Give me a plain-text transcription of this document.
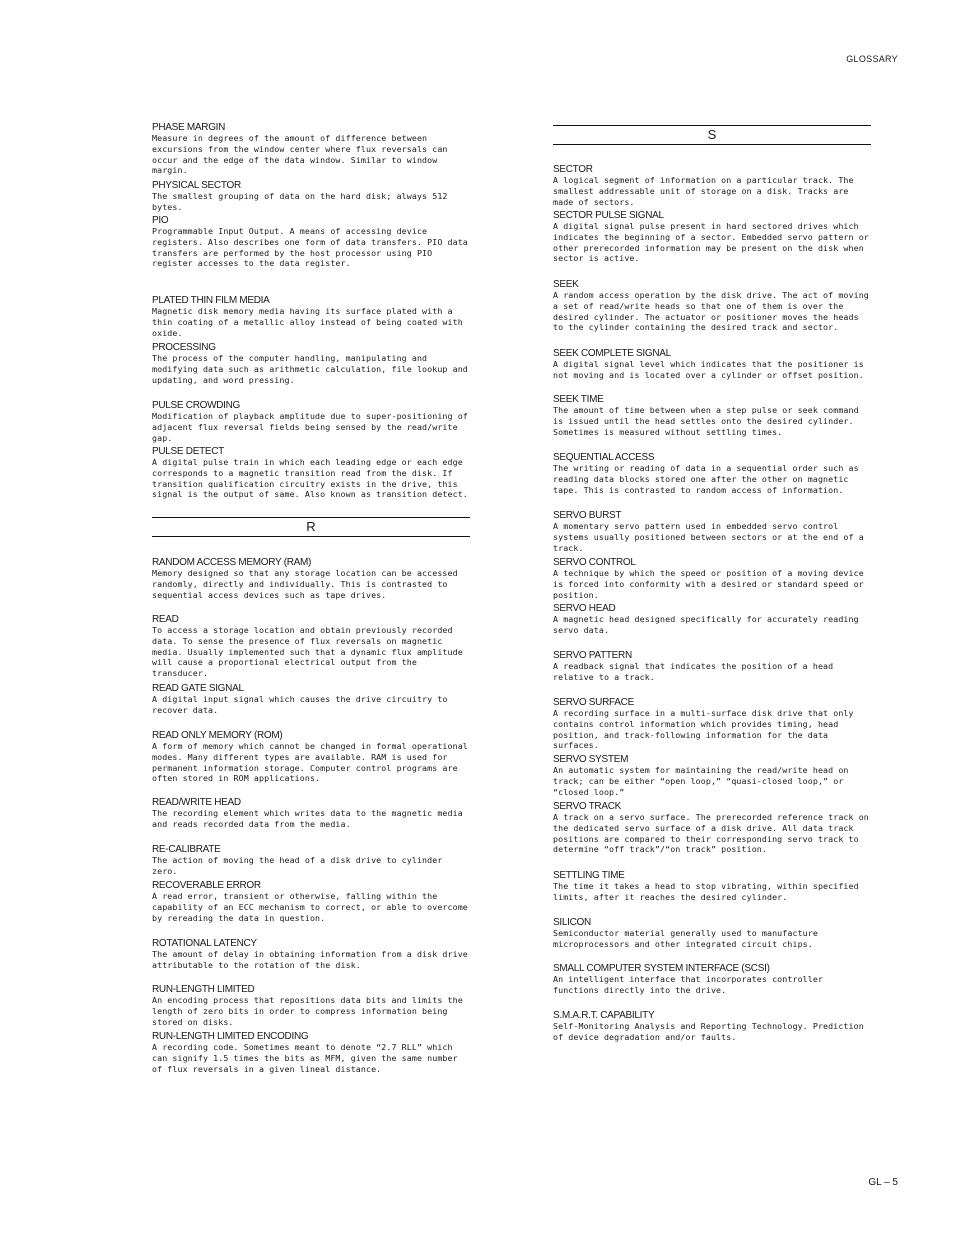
GLOSSARY
PHASE MARGIN
Measure in degrees of the amount of difference between excursions from the window center where flux reversals can occur and the edge of the data window. Similar to window margin.
PHYSICAL SECTOR
The smallest grouping of data on the hard disk; always 512 bytes.
PIO
Programmable Input Output. A means of accessing device registers. Also describes one form of data transfers. PIO data transfers are performed by the host processor using PIO register accesses to the data register.
PLATED THIN FILM MEDIA
Magnetic disk memory media having its surface plated with a thin coating of a metallic alloy instead of being coated with oxide.
PROCESSING
The process of the computer handling, manipulating and modifying data such as arithmetic calculation, file lookup and updating, and word pressing.
PULSE CROWDING
Modification of playback amplitude due to super-positioning of adjacent flux reversal fields being sensed by the read/write gap.
PULSE DETECT
A digital pulse train in which each leading edge or each edge corresponds to a magnetic transition read from the disk. If transition qualification circuitry exists in the drive, this signal is the output of same. Also known as transition detect.
R
RANDOM ACCESS MEMORY (RAM)
Memory designed so that any storage location can be accessed randomly, directly and individually. This is contrasted to sequential access devices such as tape drives.
READ
To access a storage location and obtain previously recorded data. To sense the presence of flux reversals on magnetic media. Usually implemented such that a dynamic flux amplitude will cause a proportional electrical output from the transducer.
READ GATE SIGNAL
A digital input signal which causes the drive circuitry to recover data.
READ ONLY MEMORY (ROM)
A form of memory which cannot be changed in formal operational modes. Many different types are available. RAM is used for permanent information storage. Computer control programs are often stored in ROM applications.
READ/WRITE HEAD
The recording element which writes data to the magnetic media and reads recorded data from the media.
RE-CALIBRATE
The action of moving the head of a disk drive to cylinder zero.
RECOVERABLE ERROR
A read error, transient or otherwise, falling within the capability of an ECC mechanism to correct, or able to overcome by rereading the data in question.
ROTATIONAL LATENCY
The amount of delay in obtaining information from a disk drive attributable to the rotation of the disk.
RUN-LENGTH LIMITED
An encoding process that repositions data bits and limits the length of zero bits in order to compress information being stored on disks.
RUN-LENGTH LIMITED ENCODING
A recording code. Sometimes meant to denote “2.7 RLL” which can signify 1.5 times the bits as MFM, given the same number of flux reversals in a given lineal distance.
S
SECTOR
A logical segment of information on a particular track. The smallest addressable unit of storage on a disk. Tracks are made of sectors.
SECTOR PULSE SIGNAL
A digital signal pulse present in hard sectored drives which indicates the beginning of a sector. Embedded servo pattern or other prerecorded information may be present on the disk when sector is active.
SEEK
A random access operation by the disk drive. The act of moving a set of read/write heads so that one of them is over the desired cylinder. The actuator or positioner moves the heads to the cylinder containing the desired track and sector.
SEEK COMPLETE SIGNAL
A digital signal level which indicates that the positioner is not moving and is located over a cylinder or offset position.
SEEK TIME
The amount of time between when a step pulse or seek command is issued until the head settles onto the desired cylinder. Sometimes is measured without settling times.
SEQUENTIAL ACCESS
The writing or reading of data in a sequential order such as reading data blocks stored one after the other on magnetic tape. This is contrasted to random access of information.
SERVO BURST
A momentary servo pattern used in embedded servo control systems usually positioned between sectors or at the end of a track.
SERVO CONTROL
A technique by which the speed or position of a moving device is forced into conformity with a desired or standard speed or position.
SERVO HEAD
A magnetic head designed specifically for accurately reading servo data.
SERVO PATTERN
A readback signal that indicates the position of a head relative to a track.
SERVO SURFACE
A recording surface in a multi-surface disk drive that only contains control information which provides timing, head position, and track-following information for the data surfaces.
SERVO SYSTEM
An automatic system for maintaining the read/write head on track; can be either “open loop,” “quasi-closed loop,” or “closed loop.”
SERVO TRACK
A track on a servo surface. The prerecorded reference track on the dedicated servo surface of a disk drive. All data track positions are compared to their corresponding servo track to determine “off track”/“on track” position.
SETTLING TIME
The time it takes a head to stop vibrating, within specified limits, after it reaches the desired cylinder.
SILICON
Semiconductor material generally used to manufacture microprocessors and other integrated circuit chips.
SMALL COMPUTER SYSTEM INTERFACE (SCSI)
An intelligent interface that incorporates controller functions directly into the drive.
S.M.A.R.T. CAPABILITY
Self-Monitoring Analysis and Reporting Technology. Prediction of device degradation and/or faults.
GL – 5
